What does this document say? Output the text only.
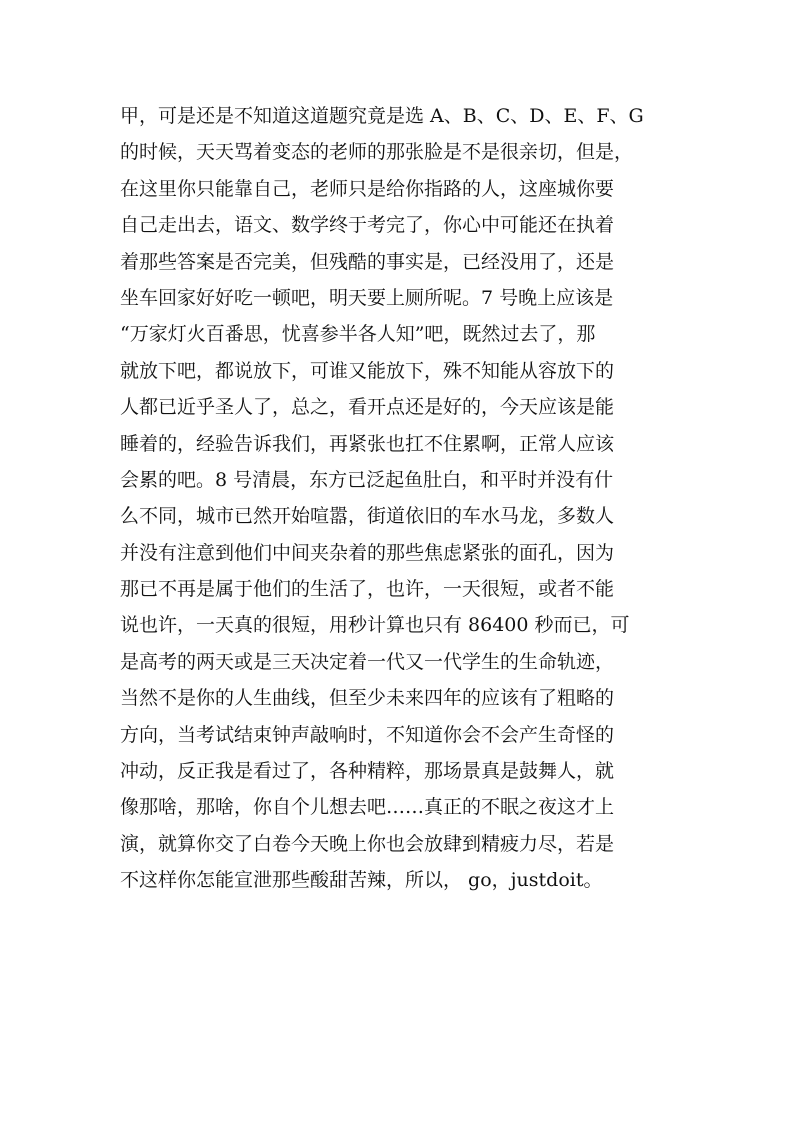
甲，可是还是不知道这道题究竟是选 A、B、C、D、E、F、G
的时候，天天骂着变态的老师的那张脸是不是很亲切，但是，
在这里你只能靠自己，老师只是给你指路的人，这座城你要
自己走出去，语文、数学终于考完了，你心中可能还在执着
着那些答案是否完美，但残酷的事实是，已经没用了，还是
坐车回家好好吃一顿吧，明天要上厕所呢。7 号晚上应该是
“万家灯火百番思，忧喜参半各人知”吧，既然过去了，那
就放下吧，都说放下，可谁又能放下，殊不知能从容放下的
人都已近乎圣人了，总之，看开点还是好的，今天应该是能
睡着的，经验告诉我们，再紧张也扛不住累啊，正常人应该
会累的吧。8 号清晨，东方已泛起鱼肚白，和平时并没有什
么不同，城市已然开始喧嚣，街道依旧的车水马龙，多数人
并没有注意到他们中间夹杂着的那些焦虑紧张的面孔，因为
那已不再是属于他们的生活了，也许，一天很短，或者不能
说也许，一天真的很短，用秒计算也只有 86400 秒而已，可
是高考的两天或是三天决定着一代又一代学生的生命轨迹，
当然不是你的人生曲线，但至少未来四年的应该有了粗略的
方向，当考试结束钟声敲响时，不知道你会不会产生奇怪的
冲动，反正我是看过了，各种精粹，那场景真是鼓舞人，就
像那啥，那啥，你自个儿想去吧……真正的不眠之夜这才上
演，就算你交了白卷今天晚上你也会放肆到精疲力尽，若是
不这样你怎能宣泄那些酸甜苦辣，所以， go，justdoit。
